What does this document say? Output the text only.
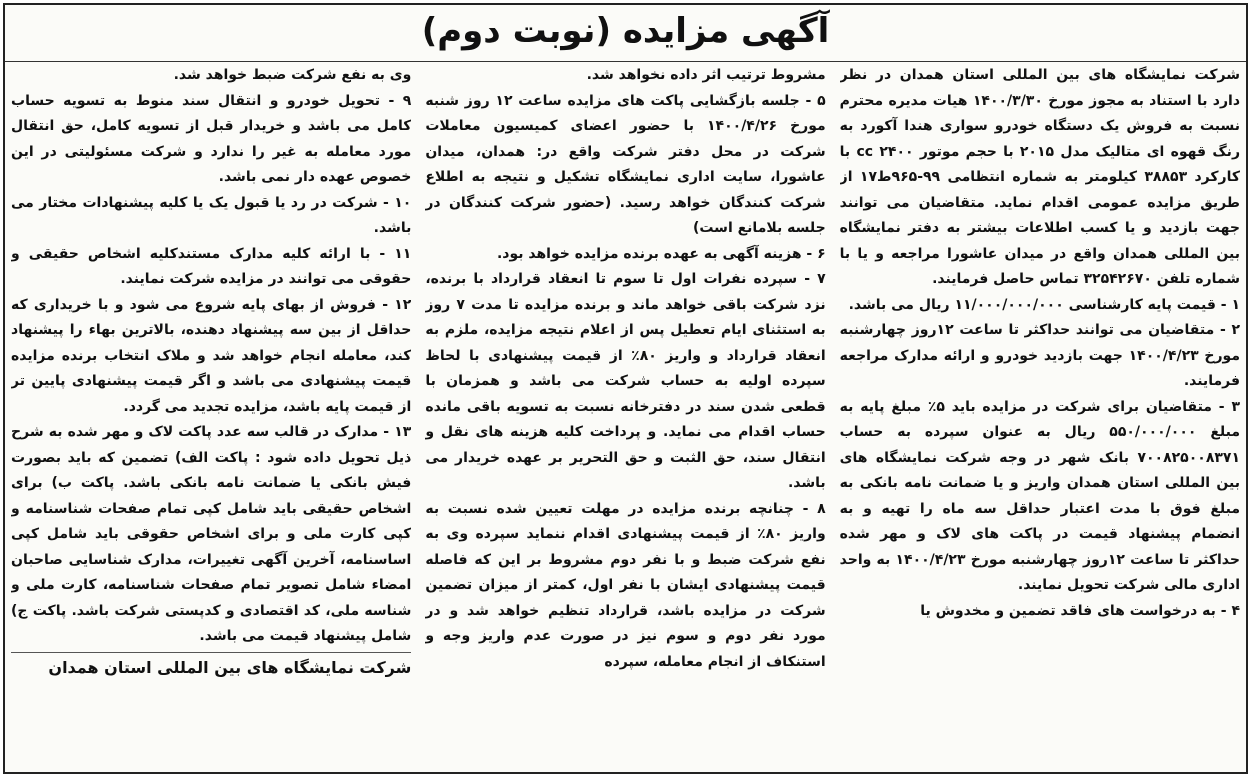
آگهی مزایده (نوبت دوم)

شرکت نمایشگاه های بین المللی استان همدان در نظر دارد با استناد به مجوز مورخ ۱۴۰۰/۳/۳۰ هیات مدیره محترم نسبت به فروش یک دستگاه خودرو سواری هندا آکورد به رنگ قهوه ای متالیک مدل ۲۰۱۵ با حجم موتور ۲۴۰۰ cc با کارکرد ۳۸۸۵۳ کیلومتر به شماره انتظامی ۹۹-۹۶۵ط۱۷ از طریق مزایده عمومی اقدام نماید. متقاضیان می توانند جهت بازدید و یا کسب اطلاعات بیشتر به دفتر نمایشگاه بین المللی همدان واقع در میدان عاشورا مراجعه و یا با شماره تلفن ۳۲۵۴۲۶۷۰ تماس حاصل فرمایند.

۱ - قیمت پایه کارشناسی ۱۱/۰۰۰/۰۰۰/۰۰۰ ریال می باشد.

۲ - متقاضیان می توانند حداکثر تا ساعت ۱۲روز چهارشنبه مورخ ۱۴۰۰/۴/۲۳ جهت بازدید خودرو و ارائه مدارک مراجعه فرمایند.

۳ - متقاضیان برای شرکت در مزایده باید ۵٪ مبلغ پایه به مبلغ ۵۵۰/۰۰۰/۰۰۰ ریال به عنوان سپرده به حساب ۷۰۰۸۲۵۰۰۸۳۷۱ بانک شهر در وجه شرکت نمایشگاه های بین المللی استان همدان واریز و یا ضمانت نامه بانکی به مبلغ فوق با مدت اعتبار حداقل سه ماه را تهیه و به انضمام پیشنهاد قیمت در پاکت های لاک و مهر شده حداکثر تا ساعت ۱۲روز چهارشنبه مورخ ۱۴۰۰/۴/۲۳ به واحد اداری مالی شرکت تحویل نمایند.

۴ - به درخواست های فاقد تضمین و مخدوش یا

مشروط ترتیب اثر داده نخواهد شد.

۵ - جلسه بازگشایی پاکت های مزایده ساعت ۱۲ روز شنبه مورخ ۱۴۰۰/۴/۲۶ با حضور اعضای کمیسیون معاملات شرکت در محل دفتر شرکت واقع در: همدان، میدان عاشورا، سایت اداری نمایشگاه تشکیل و نتیجه به اطلاع شرکت کنندگان خواهد رسید. (حضور شرکت کنندگان در جلسه بلامانع است)

۶ - هزینه آگهی به عهده برنده مزایده خواهد بود.

۷ - سپرده نفرات اول تا سوم تا انعقاد قرارداد با برنده، نزد شرکت باقی خواهد ماند و برنده مزایده تا مدت ۷ روز به استثنای ایام تعطیل پس از اعلام نتیجه مزایده، ملزم به انعقاد قرارداد و واریز ۸۰٪ از قیمت پیشنهادی با لحاظ سپرده اولیه به حساب شرکت می باشد و همزمان با قطعی شدن سند در دفترخانه نسبت به تسویه باقی مانده حساب اقدام می نماید. و پرداخت کلیه هزینه های نقل و انتقال سند، حق الثبت و حق التحریر بر عهده خریدار می باشد.

۸ - چنانچه برنده مزایده در مهلت تعیین شده نسبت به واریز ۸۰٪ از قیمت پیشنهادی اقدام ننماید سپرده وی به نفع شرکت ضبط و با نفر دوم مشروط بر این که فاصله قیمت پیشنهادی ایشان با نفر اول، کمتر از میزان تضمین شرکت در مزایده باشد، قرارداد تنظیم خواهد شد و در مورد نفر دوم و سوم نیز در صورت عدم واریز وجه و استنکاف از انجام معامله، سپرده

وی به نفع شرکت ضبط خواهد شد.

۹ - تحویل خودرو و انتقال سند منوط به تسویه حساب کامل می باشد و خریدار قبل از تسویه کامل، حق انتقال مورد معامله به غیر را ندارد و شرکت مسئولیتی در این خصوص عهده دار نمی باشد.

۱۰ - شرکت در رد یا قبول یک یا کلیه پیشنهادات مختار می باشد.

۱۱ - با ارائه کلیه مدارک مستندکلیه اشخاص حقیقی و حقوقی می توانند در مزایده شرکت نمایند.

۱۲ - فروش از بهای پایه شروع می شود و با خریداری که حداقل از بین سه پیشنهاد دهنده، بالاترین بهاء را پیشنهاد کند، معامله انجام خواهد شد و ملاک انتخاب برنده مزایده قیمت پیشنهادی می باشد و اگر قیمت پیشنهادی پایین تر از قیمت پایه باشد، مزایده تجدید می گردد.

۱۳ - مدارک در قالب سه عدد پاکت لاک و مهر شده به شرح ذیل تحویل داده شود : پاکت الف) تضمین که باید بصورت فیش بانکی یا ضمانت نامه بانکی باشد. پاکت ب) برای اشخاص حقیقی باید شامل کپی تمام صفحات شناسنامه و کپی کارت ملی و برای اشخاص حقوقی باید شامل کپی اساسنامه، آخرین آگهی تغییرات، مدارک شناسایی صاحبان امضاء شامل تصویر تمام صفحات شناسنامه، کارت ملی و شناسه ملی، کد اقتصادی و کدپستی شرکت باشد. پاکت ج) شامل پیشنهاد قیمت می باشد.

شرکت نمایشگاه های بین المللی استان همدان
